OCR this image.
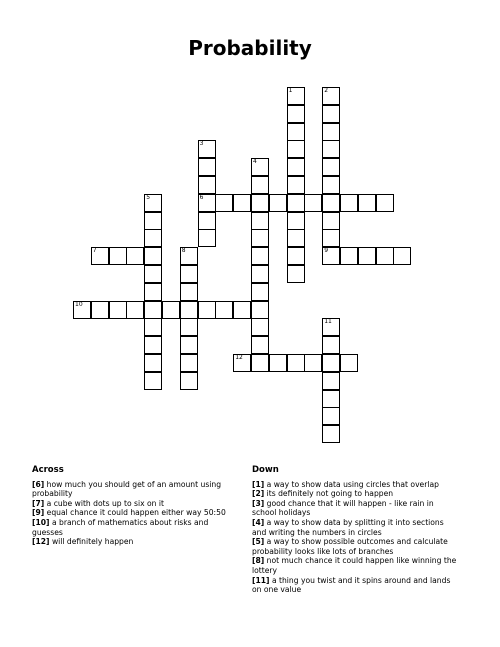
Probability
1	2
3
6
4
5
7	8	9
10
11
12
Across

[6] how much you should get of an amount using probability

[7] a cube with dots up to six on it

[9] equal chance it could happen either way 50:50

[10] a branch of mathematics about risks and guesses

[12] will definitely happen

Down

[1] a way to show data using circles that overlap

[2] its definitely not going to happen

[3] good chance that it will happen - like rain in school holidays

[4] a way to show data by splitting it into sections and writing the numbers in circles

[5] a way to show possible outcomes and calculate probability looks like lots of branches

[8] not much chance it could happen like winning the lottery

[11] a thing you twist and it spins around and lands on one value
